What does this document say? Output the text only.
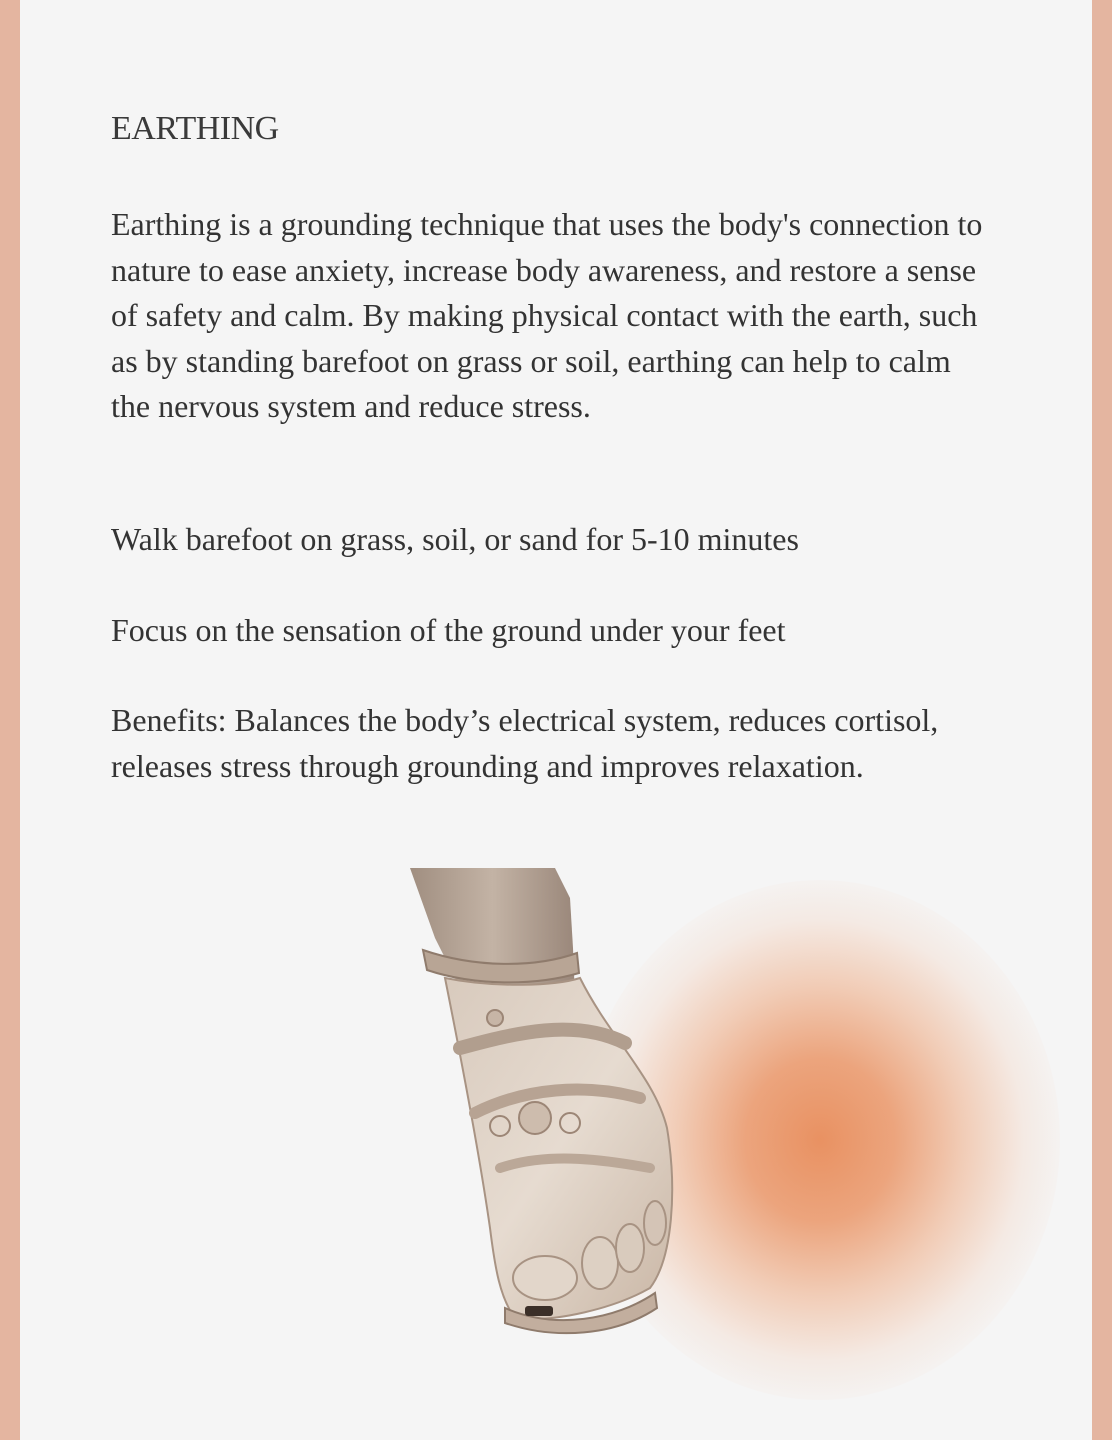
EARTHING
Earthing is a grounding technique that uses the body's connection to nature to ease anxiety, increase body awareness, and restore a sense of safety and calm. By making physical contact with the earth, such as by standing barefoot on grass or soil, earthing can help to calm the nervous system and reduce stress.
Walk barefoot on grass, soil, or sand for 5-10 minutes
Focus on the sensation of the ground under your feet
Benefits: Balances the body’s electrical system, reduces cortisol, releases stress through grounding and improves relaxation.
